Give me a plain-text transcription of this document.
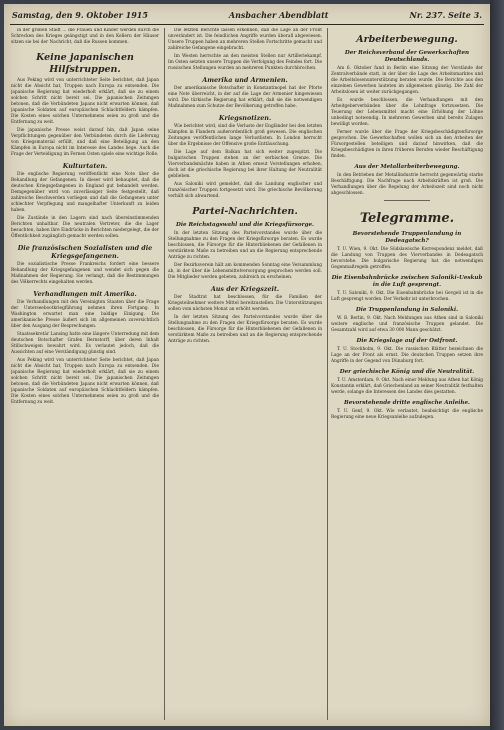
Samstag, den 9. Oktober 1915	Ansbacher Abendblatt	Nr. 237. Seite 3.

in der großen Stadt ... die Frauen und Kinder werden durch die Schrecken des Krieges geängstigt und in den Kellern der Häuser sitzen sie bei der Nachricht, daß die Russen kommen.

Keine japanischen Hilfstruppen.

Aus Peking wird von unterrichteter Seite berichtet, daß Japan nicht die Absicht hat, Truppen nach Europa zu entsenden. Die japanische Regierung hat wiederholt erklärt, daß sie zu einem solchen Schritt nicht bereit sei. Die japanischen Zeitungen betonen, daß die Verbündeten Japans nicht erwarten können, daß japanische Soldaten auf europäischen Schlachtfeldern kämpfen. Die Kosten eines solchen Unternehmens seien zu groß und die Entfernung zu weit.

Die japanische Presse weist darauf hin, daß Japan seine Verpflichtungen gegenüber den Verbündeten durch die Lieferung von Kriegsmaterial erfüllt, und daß eine Beteiligung an den Kämpfen in Europa nicht im Interesse des Landes liege. Auch die Frage der Verteidigung im Fernen Osten spiele eine wichtige Rolle.

Kulturtaten.

Die englische Regierung veröffentlicht eine Note über die Behandlung der Gefangenen. In dieser wird behauptet, daß die deutschen Kriegsgefangenen in England gut behandelt werden. Demgegenüber wird von zuverlässiger Seite festgestellt, daß zahlreiche Beschwerden vorliegen und daß die Gefangenen unter schlechter Verpflegung und mangelhafter Unterkunft zu leiden haben.

Die Zustände in den Lagern sind nach übereinstimmenden Berichten unhaltbar. Die neutralen Vertreter, die die Lager besuchten, haben ihre Eindrücke in Berichten niedergelegt, die der Öffentlichkeit zugänglich gemacht werden sollen.

Die französischen Sozialisten und die Kriegsgefangenen.

Die sozialistische Presse Frankreichs fordert eine bessere Behandlung der Kriegsgefangenen und wendet sich gegen die Maßnahmen der Regierung. Sie verlangt, daß die Bestimmungen des Völkerrechts eingehalten werden.

Verhandlungen mit Amerika.

Die Verhandlungen mit den Vereinigten Staaten über die Frage der Unterseebootkriegführung nehmen ihren Fortgang. In Washington erwartet man eine baldige Einigung. Die amerikanische Presse äußert sich im allgemeinen zuversichtlich über den Ausgang der Besprechungen.

Staatssekretär Lansing hatte eine längere Unterredung mit dem deutschen Botschafter Grafen Bernstorff, über deren Inhalt Stillschweigen bewahrt wird. Es verlautet jedoch, daß die Aussichten auf eine Verständigung günstig sind.

Aus Peking wird von unterrichteter Seite berichtet, daß Japan nicht die Absicht hat, Truppen nach Europa zu entsenden. Die japanische Regierung hat wiederholt erklärt, daß sie zu einem solchen Schritt nicht bereit sei. Die japanischen Zeitungen betonen, daß die Verbündeten Japans nicht erwarten können, daß japanische Soldaten auf europäischen Schlachtfeldern kämpfen. Die Kosten eines solchen Unternehmens seien zu groß und die Entfernung zu weit.

Die letzten Berichte lassen erkennen, daß die Lage an der Front unverändert ist. Die feindlichen Angriffe wurden überall abgewiesen. Unsere Truppen haben an mehreren Stellen Fortschritte gemacht und zahlreiche Gefangene eingebracht.

Im Westen herrschte an den meisten Stellen nur Artilleriekampf. Im Osten setzten unsere Truppen die Verfolgung des Feindes fort. Die russischen Stellungen wurden an mehreren Punkten durchbrochen.

Amerika und Armenien.

Der amerikanische Botschafter in Konstantinopel hat der Pforte eine Note überreicht, in der auf die Lage der Armenier hingewiesen wird. Die türkische Regierung hat erklärt, daß sie die notwendigen Maßnahmen zum Schutze der Bevölkerung getroffen habe.

Kriegsnotizen.

Wie berichtet wird, sind die Verluste der Engländer bei den letzten Kämpfen in Flandern außerordentlich groß gewesen. Die englischen Zeitungen veröffentlichen lange Verlustlisten. In London herrscht über die Ergebnisse der Offensive große Enttäuschung.

Die Lage auf dem Balkan hat sich weiter zugespitzt. Die bulgarischen Truppen stehen an der serbischen Grenze. Die Vierverbandsmächte haben in Athen erneut Vorstellungen erhoben, doch ist die griechische Regierung bei ihrer Haltung der Neutralität geblieben.

Aus Saloniki wird gemeldet, daß die Landung englischer und französischer Truppen fortgesetzt wird. Die griechische Bevölkerung verhält sich abwartend.

Partei-Nachrichten.

Die Reichstagswahl und die Kriegsfürsorge.

In der letzten Sitzung des Parteivorstandes wurde über die Stellungnahme zu den Fragen der Kriegsfürsorge beraten. Es wurde beschlossen, die Fürsorge für die Hinterbliebenen der Gefallenen in verstärktem Maße zu betreiben und an die Regierung entsprechende Anträge zu richten.

Der Bezirksverein hält am kommenden Sonntag eine Versammlung ab, in der über die Lebensmittelversorgung gesprochen werden soll. Die Mitglieder werden gebeten, zahlreich zu erscheinen.

Aus der Kriegszeit.

Der Stadtrat hat beschlossen, für die Familien der Kriegsteilnehmer weitere Mittel bereitzustellen. Die Unterstützungen sollen vom nächsten Monat an erhöht werden.

In der letzten Sitzung des Parteivorstandes wurde über die Stellungnahme zu den Fragen der Kriegsfürsorge beraten. Es wurde beschlossen, die Fürsorge für die Hinterbliebenen der Gefallenen in verstärktem Maße zu betreiben und an die Regierung entsprechende Anträge zu richten.

Arbeiterbewegung.

Der Reichsverband der Gewerkschaften Deutschlands.

Am 6. Oktober fand in Berlin eine Sitzung der Vorstände der Zentralverbände statt, in der über die Lage des Arbeitsmarktes und die Arbeitslosenunterstützung beraten wurde. Die Berichte aus den einzelnen Gewerben lauteten im allgemeinen günstig. Die Zahl der Arbeitslosen ist weiter zurückgegangen.

Es wurde beschlossen, die Verhandlungen mit den Arbeitgeberverbänden über die Lohnfrage fortzusetzen. Die Teuerung der Lebensmittel macht eine Erhöhung der Löhne unbedingt notwendig. In mehreren Gewerben sind bereits Zulagen bewilligt worden.

Ferner wurde über die Frage der Kriegsbeschädigtenfürsorge gesprochen. Die Gewerkschaften wollen sich an den Arbeiten der Fürsorgestellen beteiligen und darauf hinwirken, daß die Kriegsbeschädigten in ihren früheren Berufen wieder Beschäftigung finden.

Aus der Metallarbeiterbewegung.

In den Betrieben der Metallindustrie herrscht gegenwärtig starke Beschäftigung. Die Nachfrage nach Arbeitskräften ist groß. Die Verhandlungen über die Regelung der Arbeitszeit sind noch nicht abgeschlossen.

Telegramme.

Bevorstehende Truppenlandung in Dedeagatsch?

T. U. Wien, 9. Okt. Die Südslawische Korrespondenz meldet, daß die Landung von Truppen des Vierverbandes in Dedeagatsch bevorstehe. Die bulgarische Regierung hat die notwendigen Gegenmaßregeln getroffen.

Die Eisenbahnbrücke zwischen Saloniki-Ueskub in die Luft gesprengt.

T. U. Saloniki, 9. Okt. Die Eisenbahnbrücke bei Gevgeli ist in die Luft gesprengt worden. Der Verkehr ist unterbrochen.

Die Truppenlandung in Saloniki.

W. B. Berlin, 9. Okt. Nach Meldungen aus Athen sind in Saloniki weitere englische und französische Truppen gelandet. Die Gesamtzahl wird auf etwa 30 000 Mann geschätzt.

Die Kriegslage auf der Ostfront.

T. U. Stockholm, 9. Okt. Die russischen Blätter bezeichnen die Lage an der Front als ernst. Die deutschen Truppen setzen ihre Angriffe in der Gegend von Dünaburg fort.

Der griechische König und die Neutralität.

T. U. Amsterdam, 9. Okt. Nach einer Meldung aus Athen hat König Konstantin erklärt, daß Griechenland an seiner Neutralität festhalten werde, solange die Interessen des Landes dies gestatten.

Bevorstehende dritte englische Anleihe.

T. U. Genf, 9. Okt. Wie verlautet, beabsichtigt die englische Regierung eine neue Kriegsanleihe aufzulegen.
